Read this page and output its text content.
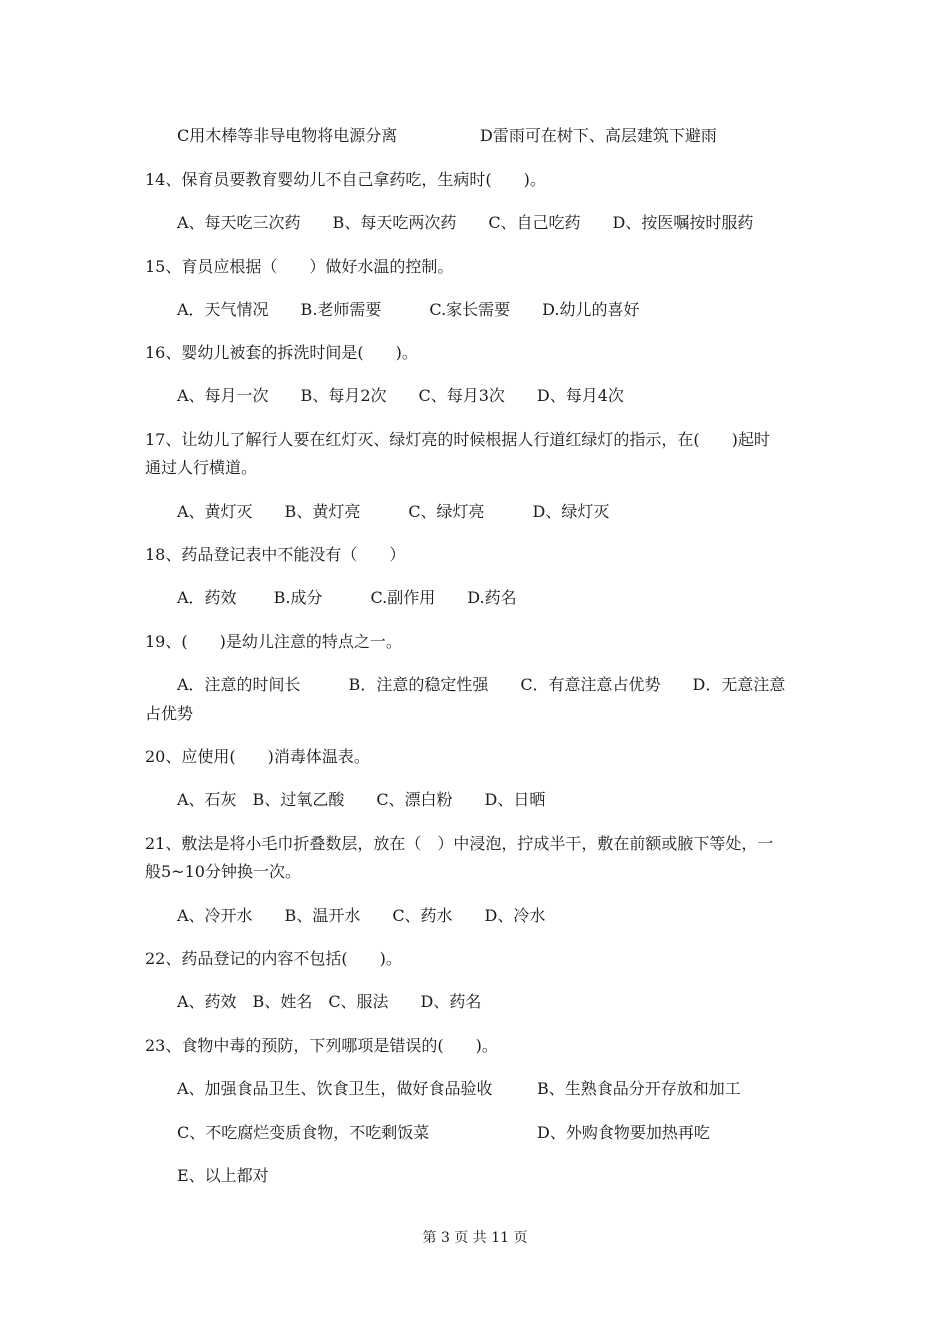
C用木棒等非导电物将电源分离	D雷雨可在树下、高层建筑下避雨
14、保育员要教育婴幼儿不自己拿药吃，生病时(　　)。
A、每天吃三次药　　B、每天吃两次药　　C、自己吃药　　D、按医嘱按时服药
15、育员应根据（　　）做好水温的控制。
A．天气情况　　B.老师需要　　　C.家长需要　　D.幼儿的喜好
16、婴幼儿被套的拆洗时间是(　　)。
A、每月一次　　B、每月2次　　C、每月3次　　D、每月4次
17、让幼儿了解行人要在红灯灭、绿灯亮的时候根据人行道红绿灯的指示，在(　　)起时
通过人行横道。
A、黄灯灭　　B、黄灯亮　　　C、绿灯亮　　　D、绿灯灭
18、药品登记表中不能没有（　　）
A．药效　　 B.成分　　　C.副作用　　D.药名
19、(　　)是幼儿注意的特点之一。
A．注意的时间长　　　B．注意的稳定性强　　C．有意注意占优势　　D．无意注意
占优势
20、应使用(　　)消毒体温表。
A、石灰　B、过氧乙酸　　C、漂白粉　　D、日晒
21、敷法是将小毛巾折叠数层，放在（　）中浸泡，拧成半干，敷在前额或腋下等处，一
般5~10分钟换一次。
A、冷开水　　B、温开水　　C、药水　　D、冷水
22、药品登记的内容不包括(　　)。
A、药效　B、姓名　C、服法　　D、药名
23、食物中毒的预防，下列哪项是错误的(　　)。
A、加强食品卫生、饮食卫生，做好食品验收	B、生熟食品分开存放和加工
C、不吃腐烂变质食物，不吃剩饭菜	D、外购食物要加热再吃
E、以上都对
第 3 页 共 11 页
